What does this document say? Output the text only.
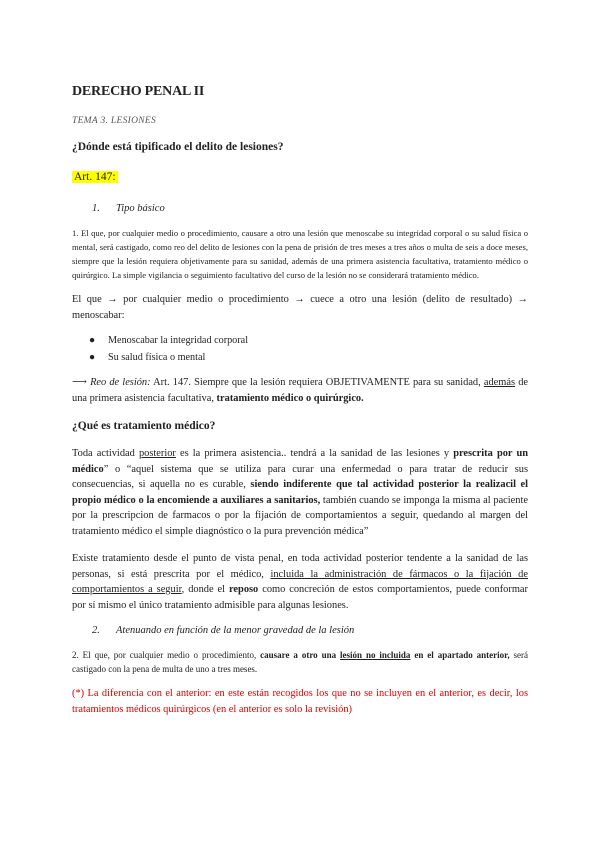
DERECHO PENAL II
TEMA 3. LESIONES
¿Dónde está tipificado el delito de lesiones?
Art. 147:
1. Tipo básico

1. El que, por cualquier medio o procedimiento, causare a otro una lesión que menoscabe su integridad corporal o su salud física o mental, será castigado, como reo del delito de lesiones con la pena de prisión de tres meses a tres años o multa de seis a doce meses, siempre que la lesión requiera objetivamente para su sanidad, además de una primera asistencia facultativa, tratamiento médico o quirúrgico. La simple vigilancia o seguimiento facultativo del curso de la lesión no se considerará tratamiento médico.

El que → por cualquier medio o procedimiento → cuece a otro una lesión (delito de resultado) → menoscabar:

● Menoscabar la integridad corporal
● Su salud física o mental

⟶ Reo de lesión: Art. 147. Siempre que la lesión requiera OBJETIVAMENTE para su sanidad, además de una primera asistencia facultativa, tratamiento médico o quirúrgico.

¿Qué es tratamiento médico?

Toda actividad posterior es la primera asistencia.. tendrá a la sanidad de las lesiones y prescrita por un médico” o “aquel sistema que se utiliza para curar una enfermedad o para tratar de reducir sus consecuencias, si aquella no es curable, siendo indiferente que tal actividad posterior la realizacil el propio médico o la encomiende a auxiliares a sanitarios, también cuando se imponga la misma al paciente por la prescripcion de farmacos o por la fijación de comportamientos a seguir, quedando al margen del tratamiento médico el simple diagnóstico o la pura prevención médica”

Existe tratamiento desde el punto de vista penal, en toda actividad posterior tendente a la sanidad de las personas, si está prescrita por el médico, incluida la administración de fármacos o la fijación de comportamientos a seguir, donde el reposo como concreción de estos comportamientos, puede conformar por sí mismo el único tratamiento admisible para algunas lesiones.

2. Atenuando en función de la menor gravedad de la lesión

2. El que, por cualquier medio o procedimiento, causare a otro una lesión no incluida en el apartado anterior, será castigado con la pena de multa de uno a tres meses.

(*) La diferencia con el anterior: en este están recogidos los que no se incluyen en el anterior, es decir, los tratamientos médicos quirúrgicos (en el anterior es solo la revisión)
